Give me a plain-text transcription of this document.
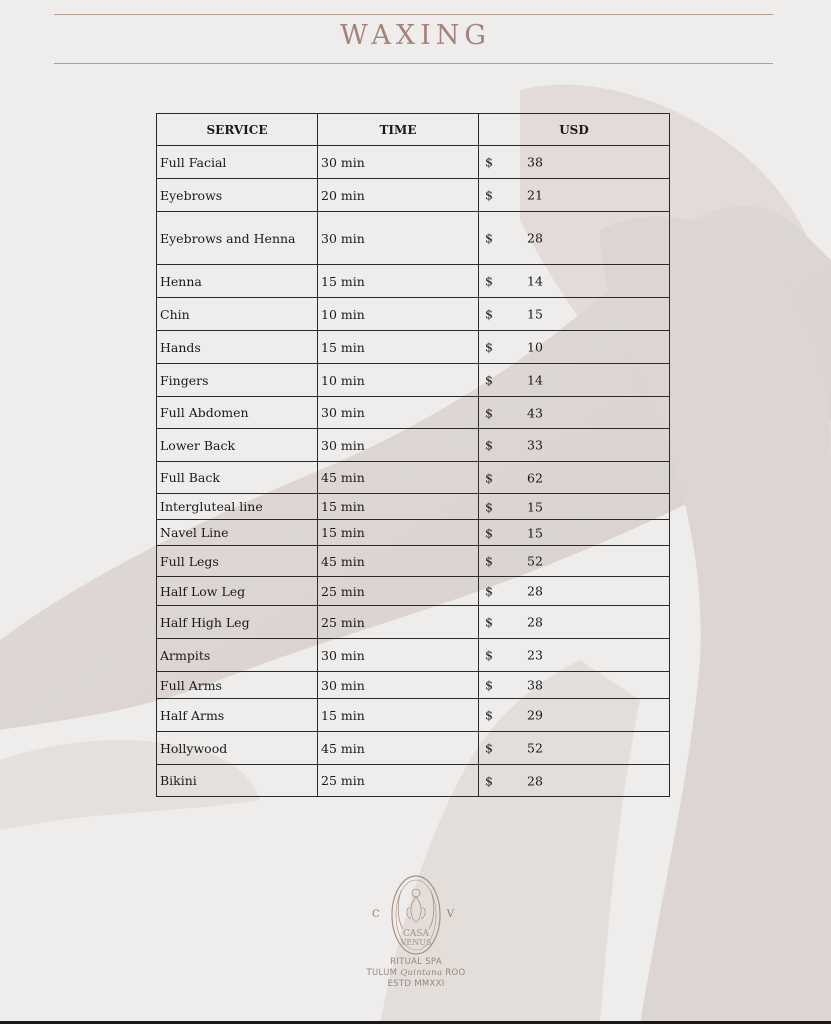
WAXING
SERVICE	TIME	USD
Full Facial	30 min	$ 38

Eyebrows	20 min	$ 21

Eyebrows and Henna	30 min	$ 28

Henna	15 min	$ 14

Chin	10 min	$ 15

Hands	15 min	$ 10

Fingers	10 min	$ 14

Full Abdomen	30 min	$ 43

Lower Back	30 min	$ 33

Full Back	45 min	$ 62

Intergluteal line	15 min	$ 15

Navel Line	15 min	$ 15

Full Legs	45 min	$ 52

Half Low Leg	25 min	$ 28

Half High Leg	25 min	$ 28

Armpits	30 min	$ 23

Full Arms	30 min	$ 38

Half Arms	15 min	$ 29

Hollywood	45 min	$ 52

Bikini	25 min	$ 28
CASA
VENUS
C	V
RITUAL SPA
TULUM Quintana ROO
ESTD MMXXI
